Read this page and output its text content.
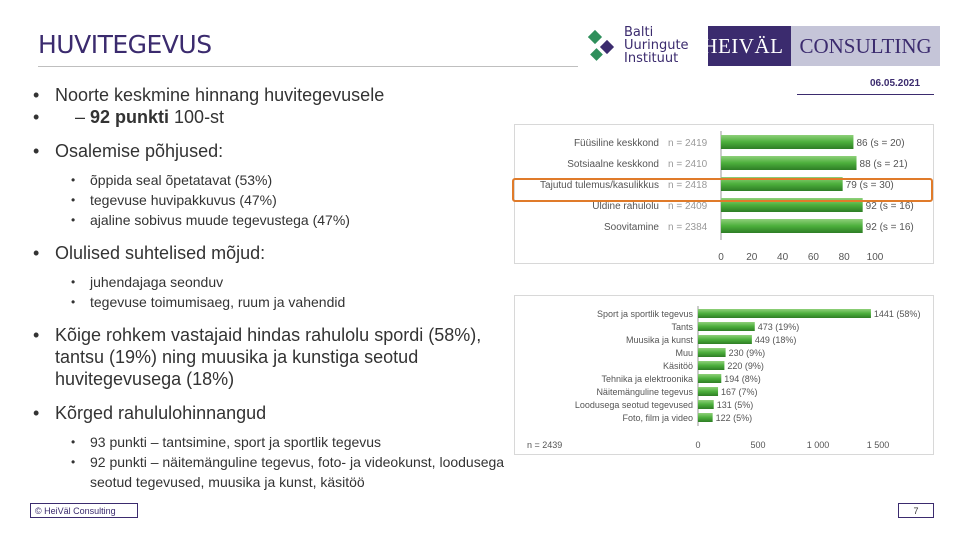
HUVITEGEVUS	Balti
Uuringute
Instituut
HEIVÄL CONSULTING
06.05.2021
• Noorte keskmine hinnang huvitegevusele
• – 92 punkti 100-st
• Osalemise põhjused:
• õppida seal õpetatavat (53%)
• tegevuse huvipakkuvus (47%)
• ajaline sobivus muude tegevustega (47%)
• Olulised suhtelised mõjud:
• juhendajaga seonduv
• tegevuse toimumisaeg, ruum ja vahendid
• Kõige rohkem vastajaid hindas rahulolu spordi (58%), tantsu (19%) ning muusika ja kunstiga seotud huvitegevusega (18%)
• Kõrged rahululohinnangud
• 93 punkti – tantsimine, sport ja sportlik tegevus
• 92 punkti – näitemänguline tegevus, foto- ja videokunst, loodusega seotud tegevused, muusika ja kunst, käsitöö
Füüsiline keskkond n = 2419	86 (s = 20)
Sotsiaalne keskkond n = 2410	88 (s = 21)
Tajutud tulemus/kasulikkus n = 2418	79 (s = 30)
Üldine rahulolu n = 2409	92 (s = 16)
Soovitamine n = 2384	92 (s = 16)
0 20 40 60 80 100
Sport ja sportlik tegevus	1441 (58%)
Tants	473 (19%)
Muusika ja kunst	449 (18%)
Muu	230 (9%)
Käsitöö	220 (9%)
Tehnika ja elektroonika	194 (8%)
Näitemänguline tegevus	167 (7%)
Loodusega seotud tegevused	131 (5%)
Foto, film ja video	122 (5%)
n = 2439	0	500	1 000	1 500
© HeiVäl Consulting	7
